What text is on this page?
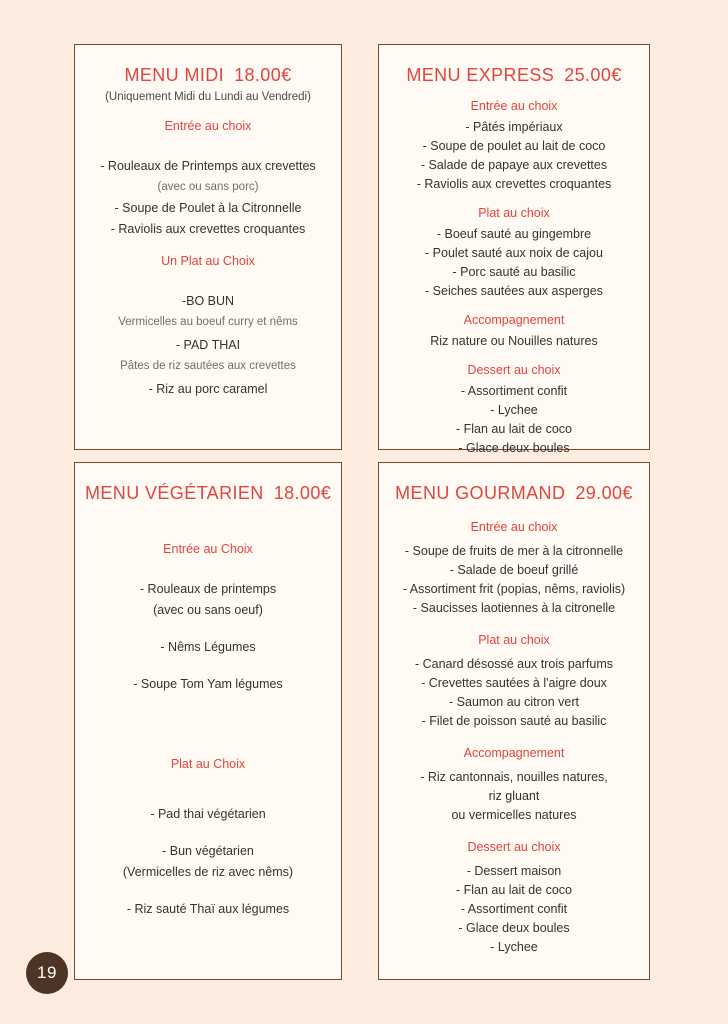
MENU MIDI 18.00€
(Uniquement Midi du Lundi au Vendredi)
Entrée au choix
- Rouleaux de Printemps aux crevettes
(avec ou sans porc)
- Soupe de Poulet à la Citronnelle
- Raviolis aux crevettes croquantes
Un Plat au Choix
-BO BUN
Vermicelles au boeuf curry et nêms
- PAD THAI
Pâtes de riz sautées aux crevettes
- Riz au porc caramel
MENU EXPRESS 25.00€
Entrée au choix
- Pâtés impériaux
- Soupe de poulet au lait de coco
- Salade de papaye aux crevettes
- Raviolis aux crevettes croquantes
Plat au choix
- Boeuf sauté au gingembre
- Poulet sauté aux noix de cajou
- Porc sauté au basilic
- Seiches sautées aux asperges
Accompagnement
Riz nature ou Nouilles natures
Dessert au choix
- Assortiment confit
- Lychee
- Flan au lait de coco
- Glace deux boules
MENU VÉGÉTARIEN 18.00€
Entrée au Choix
- Rouleaux de printemps
(avec ou sans oeuf)
- Nêms Légumes
- Soupe Tom Yam légumes
Plat au Choix
- Pad thai végétarien
- Bun végétarien
(Vermicelles de riz avec nêms)
- Riz sauté Thaï aux légumes
MENU GOURMAND 29.00€
Entrée au choix
- Soupe de fruits de mer à la citronnelle
- Salade de boeuf grillé
- Assortiment frit (popias, nêms, raviolis)
- Saucisses laotiennes à la citronelle
Plat au choix
- Canard désossé aux trois parfums
- Crevettes sautées à l'aigre doux
- Saumon au citron vert
- Filet de poisson sauté au basilic
Accompagnement
- Riz cantonnais, nouilles natures,
riz gluant
ou vermicelles natures
Dessert au choix
- Dessert maison
- Flan au lait de coco
- Assortiment confit
- Glace deux boules
- Lychee
19
